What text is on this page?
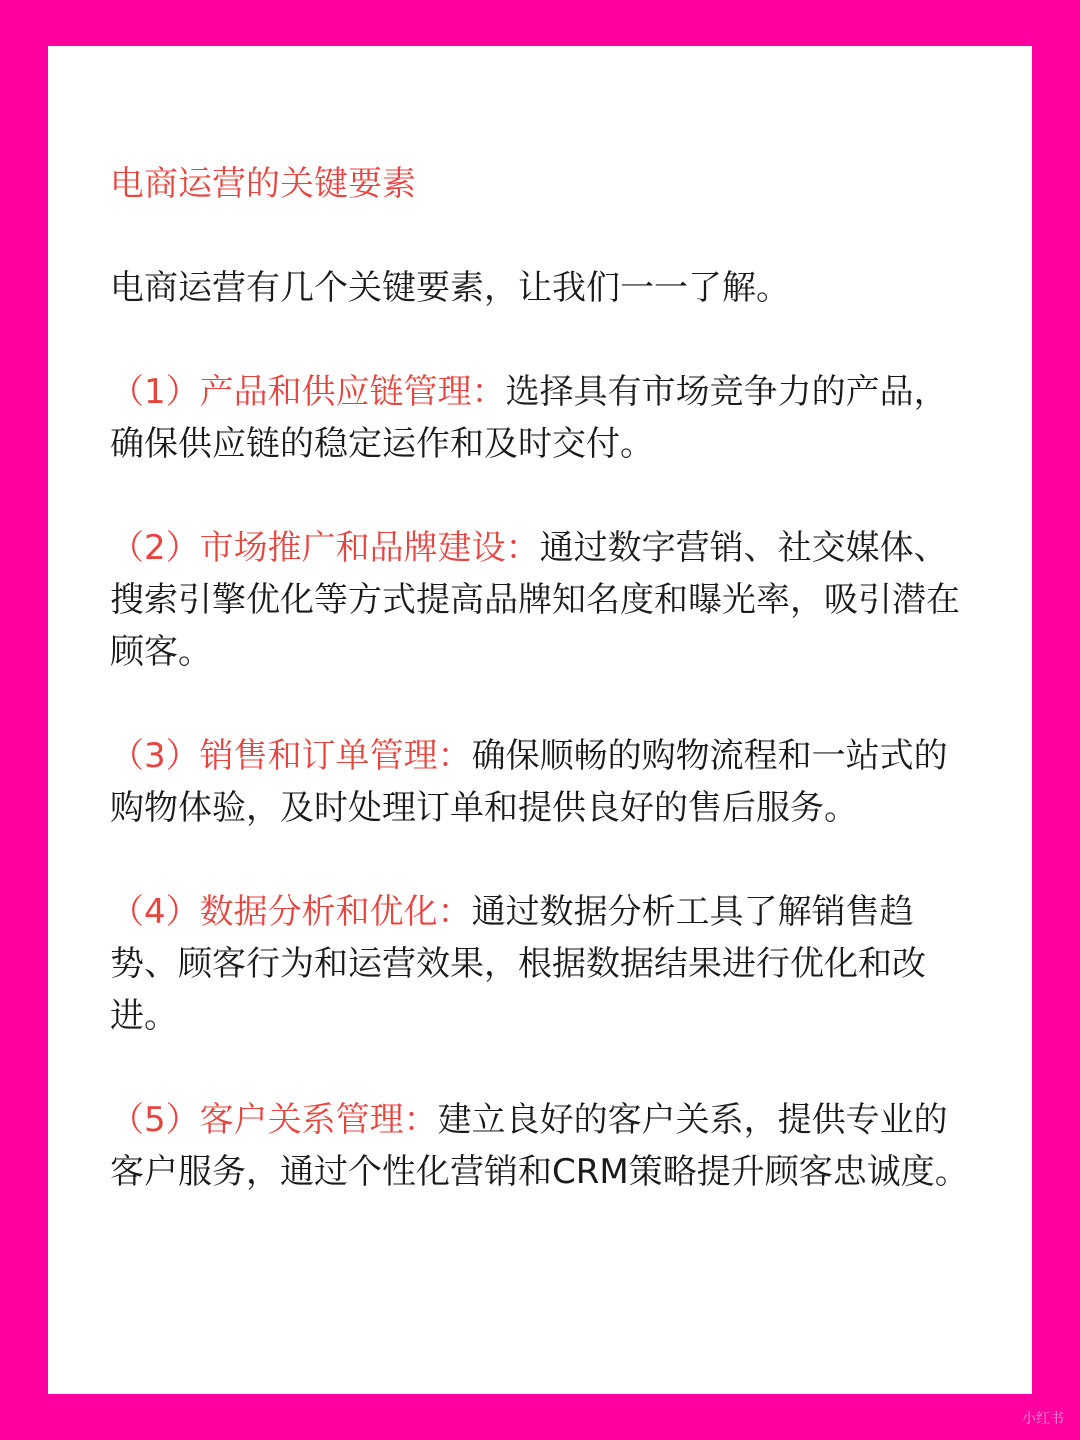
电商运营的关键要素

电商运营有几个关键要素，让我们一一了解。

（1）产品和供应链管理：选择具有市场竞争力的产品，确保供应链的稳定运作和及时交付。

（2）市场推广和品牌建设：通过数字营销、社交媒体、搜索引擎优化等方式提高品牌知名度和曝光率，吸引潜在顾客。

（3）销售和订单管理：确保顺畅的购物流程和一站式的购物体验，及时处理订单和提供良好的售后服务。

（4）数据分析和优化：通过数据分析工具了解销售趋势、顾客行为和运营效果，根据数据结果进行优化和改进。

（5）客户关系管理：建立良好的客户关系，提供专业的客户服务，通过个性化营销和CRM策略提升顾客忠诚度。

小红书
